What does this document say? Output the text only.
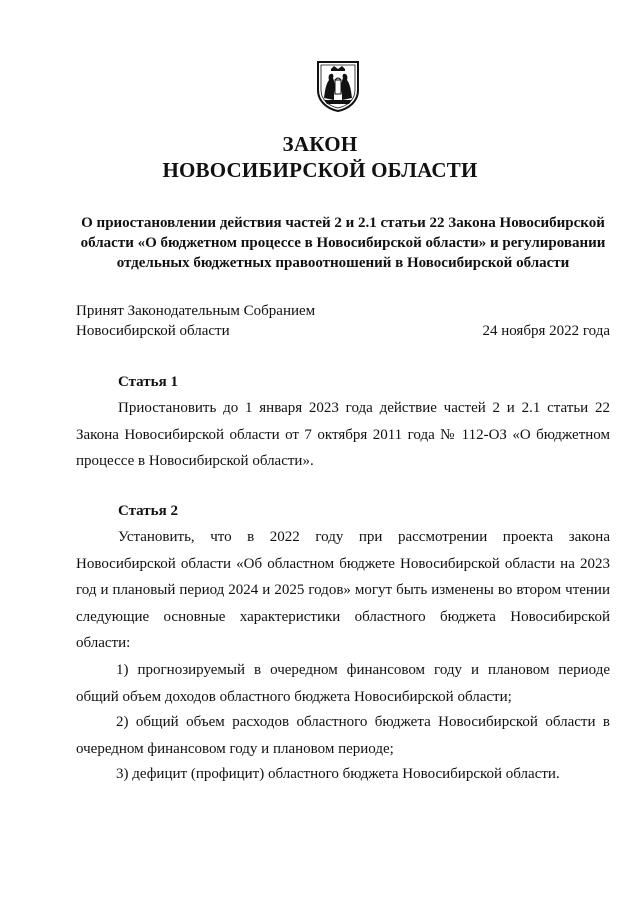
ЗАКОН
НОВОСИБИРСКОЙ ОБЛАСТИ
О приостановлении действия частей 2 и 2.1 статьи 22 Закона Новосибирской области «О бюджетном процессе в Новосибирской области» и регулировании отдельных бюджетных правоотношений в Новосибирской области
Принят Законодательным Собранием
Новосибирской области	24 ноября 2022 года
Статья 1
Приостановить до 1 января 2023 года действие частей 2 и 2.1 статьи 22 Закона Новосибирской области от 7 октября 2011 года № 112-ОЗ «О бюджетном процессе в Новосибирской области».
Статья 2
Установить, что в 2022 году при рассмотрении проекта закона Новосибирской области «Об областном бюджете Новосибирской области на 2023 год и плановый период 2024 и 2025 годов» могут быть изменены во втором чтении следующие основные характеристики областного бюджета Новосибирской области:
1) прогнозируемый в очередном финансовом году и плановом периоде общий объем доходов областного бюджета Новосибирской области;
2) общий объем расходов областного бюджета Новосибирской области в очередном финансовом году и плановом периоде;
3) дефицит (профицит) областного бюджета Новосибирской области.
